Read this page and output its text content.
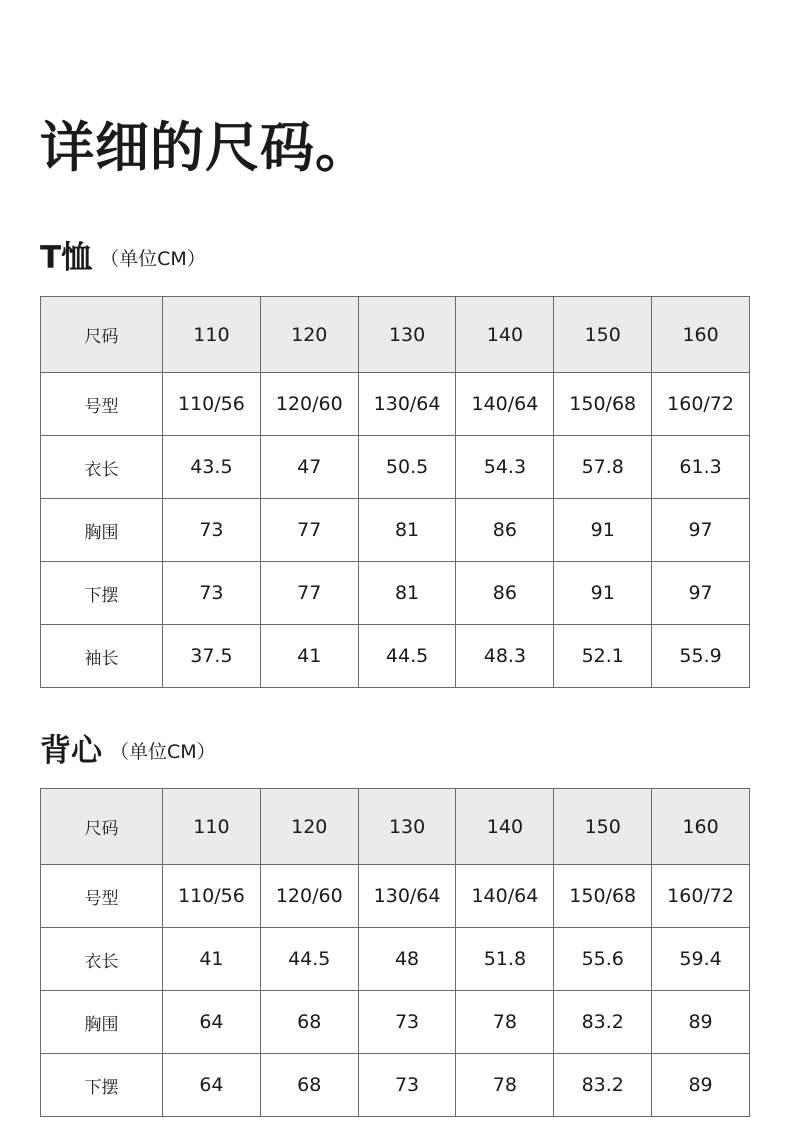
详细的尺码。
T恤 （单位CM）
尺码	110	120	130	140	150	160
号型	110/56	120/60	130/64	140/64	150/68	160/72
衣长	43.5	47	50.5	54.3	57.8	61.3
胸围	73	77	81	86	91	97
下摆	73	77	81	86	91	97
袖长	37.5	41	44.5	48.3	52.1	55.9
背心 （单位CM）
尺码	110	120	130	140	150	160
号型	110/56	120/60	130/64	140/64	150/68	160/72
衣长	41	44.5	48	51.8	55.6	59.4
胸围	64	68	73	78	83.2	89
下摆	64	68	73	78	83.2	89
